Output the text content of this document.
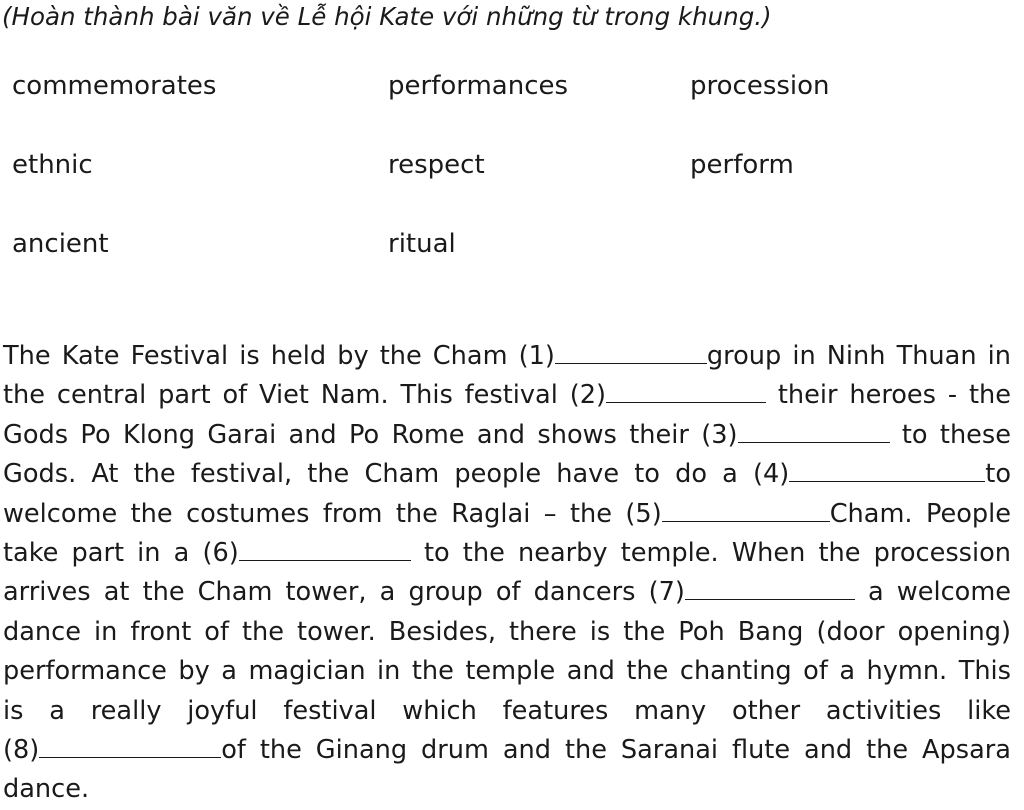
(Hoàn thành bài văn về Lễ hội Kate với những từ trong khung.)
commemorates	performances	procession
ethnic	respect	perform
ancient	ritual
The Kate Festival is held by the Cham (1)	group in Ninh Thuan in
the central part of Viet Nam. This festival (2)	their heroes - the
Gods Po Klong Garai and Po Rome and shows their (3)	to these
Gods. At the festival, the Cham people have to do a (4)	to
welcome the costumes from the Raglai – the (5)	Cham. People
take part in a (6)	to the nearby temple. When the procession
arrives at the Cham tower, a group of dancers (7)	a welcome
dance in front of the tower. Besides, there is the Poh Bang (door opening)
performance by a magician in the temple and the chanting of a hymn. This
is a really joyful festival which features many other activities like
(8)	of the Ginang drum and the Saranai flute and the Apsara
dance.
